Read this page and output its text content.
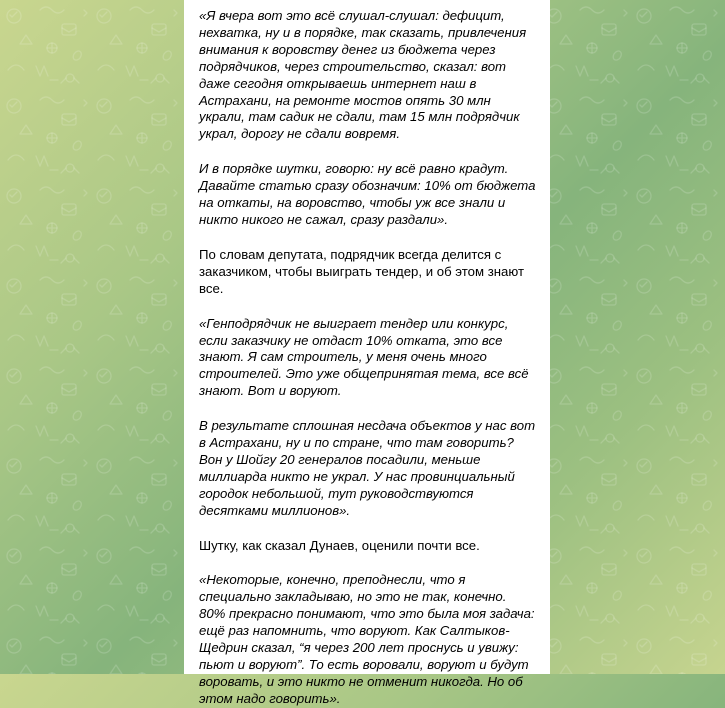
«Я вчера вот это всё слушал-слушал: дефицит, нехватка, ну и в порядке, так сказать, привлечения внимания к воровству денег из бюджета через подрядчиков, через строительство, сказал: вот даже сегодня открываешь интернет наш в Астрахани, на ремонте мостов опять 30 млн украли, там садик не сдали, там 15 млн подрядчик украл, дорогу не сдали вовремя.

И в порядке шутки, говорю: ну всё равно крадут. Давайте статью сразу обозначим: 10% от бюджета на откаты, на воровство, чтобы уж все знали и никто никого не сажал, сразу раздали».

По словам депутата, подрядчик всегда делится с заказчиком, чтобы выиграть тендер, и об этом знают все.

«Генподрядчик не выиграет тендер или конкурс, если заказчику не отдаст 10% отката, это все знают. Я сам строитель, у меня очень много строителей. Это уже общепринятая тема, все всё знают. Вот и воруют.

В результате сплошная несдача объектов у нас вот в Астрахани, ну и по стране, что там говорить? Вон у Шойгу 20 генералов посадили, меньше миллиарда никто не украл. У нас провинциальный городок небольшой, тут руководствуются десятками миллионов».

Шутку, как сказал Дунаев, оценили почти все.

«Некоторые, конечно, преподнесли, что я специально закладываю, но это не так, конечно. 80% прекрасно понимают, что это была моя задача: ещё раз напомнить, что воруют. Как Салтыков-Щедрин сказал, “я через 200 лет проснусь и увижу: пьют и воруют”. То есть воровали, воруют и будут воровать, и это никто не отменит никогда. Но об этом надо говорить».
